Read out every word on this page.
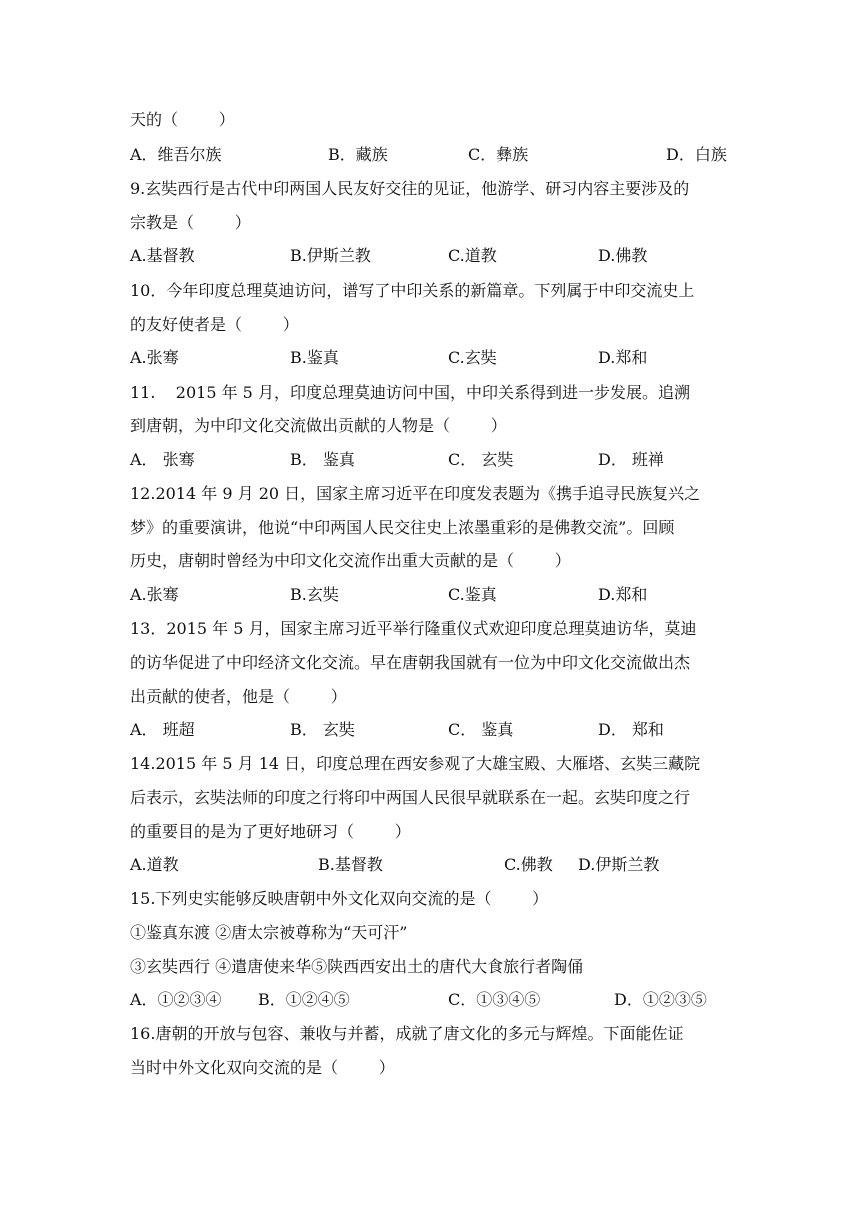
天的（        ）
A．维吾尔族	B．藏族	C．彝族	D．白族
9.玄奘西行是古代中印两国人民友好交往的见证，他游学、研习内容主要涉及的
宗教是（        ）
A.基督教	B.伊斯兰教	C.道教	D.佛教
10．今年印度总理莫迪访问，谱写了中印关系的新篇章。下列属于中印交流史上
的友好使者是（        ）
A.张骞	B.鉴真	C.玄奘	D.郑和
11.    2015 年 5 月，印度总理莫迪访问中国，中印关系得到进一步发展。追溯
到唐朝，为中印文化交流做出贡献的人物是（        ）
A． 张骞	B． 鉴真	C． 玄奘	D． 班禅
12.2014 年 9 月 20 日，国家主席习近平在印度发表题为《携手追寻民族复兴之
梦》的重要演讲，他说“中印两国人民交往史上浓墨重彩的是佛教交流”。回顾
历史，唐朝时曾经为中印文化交流作出重大贡献的是（        ）
A.张骞	B.玄奘	C.鉴真	D.郑和
13．2015 年 5 月，国家主席习近平举行隆重仪式欢迎印度总理莫迪访华，莫迪
的访华促进了中印经济文化交流。早在唐朝我国就有一位为中印文化交流做出杰
出贡献的使者，他是（        ）
A． 班超	B． 玄奘	C． 鉴真	D． 郑和
14.2015 年 5 月 14 日，印度总理在西安参观了大雄宝殿、大雁塔、玄奘三藏院
后表示，玄奘法师的印度之行将印中两国人民很早就联系在一起。玄奘印度之行
的重要目的是为了更好地研习（        ）
A.道教	B.基督教	C.佛教 D.伊斯兰教
15.下列史实能够反映唐朝中外文化双向交流的是（        ）
①鉴真东渡 ②唐太宗被尊称为“天可汗”
③玄奘西行 ④遣唐使来华⑤陕西西安出土的唐代大食旅行者陶俑
A．①②③④ B．①②④⑤	C．①③④⑤	D．①②③⑤
16.唐朝的开放与包容、兼收与并蓄，成就了唐文化的多元与辉煌。下面能佐证
当时中外文化双向交流的是（        ）
